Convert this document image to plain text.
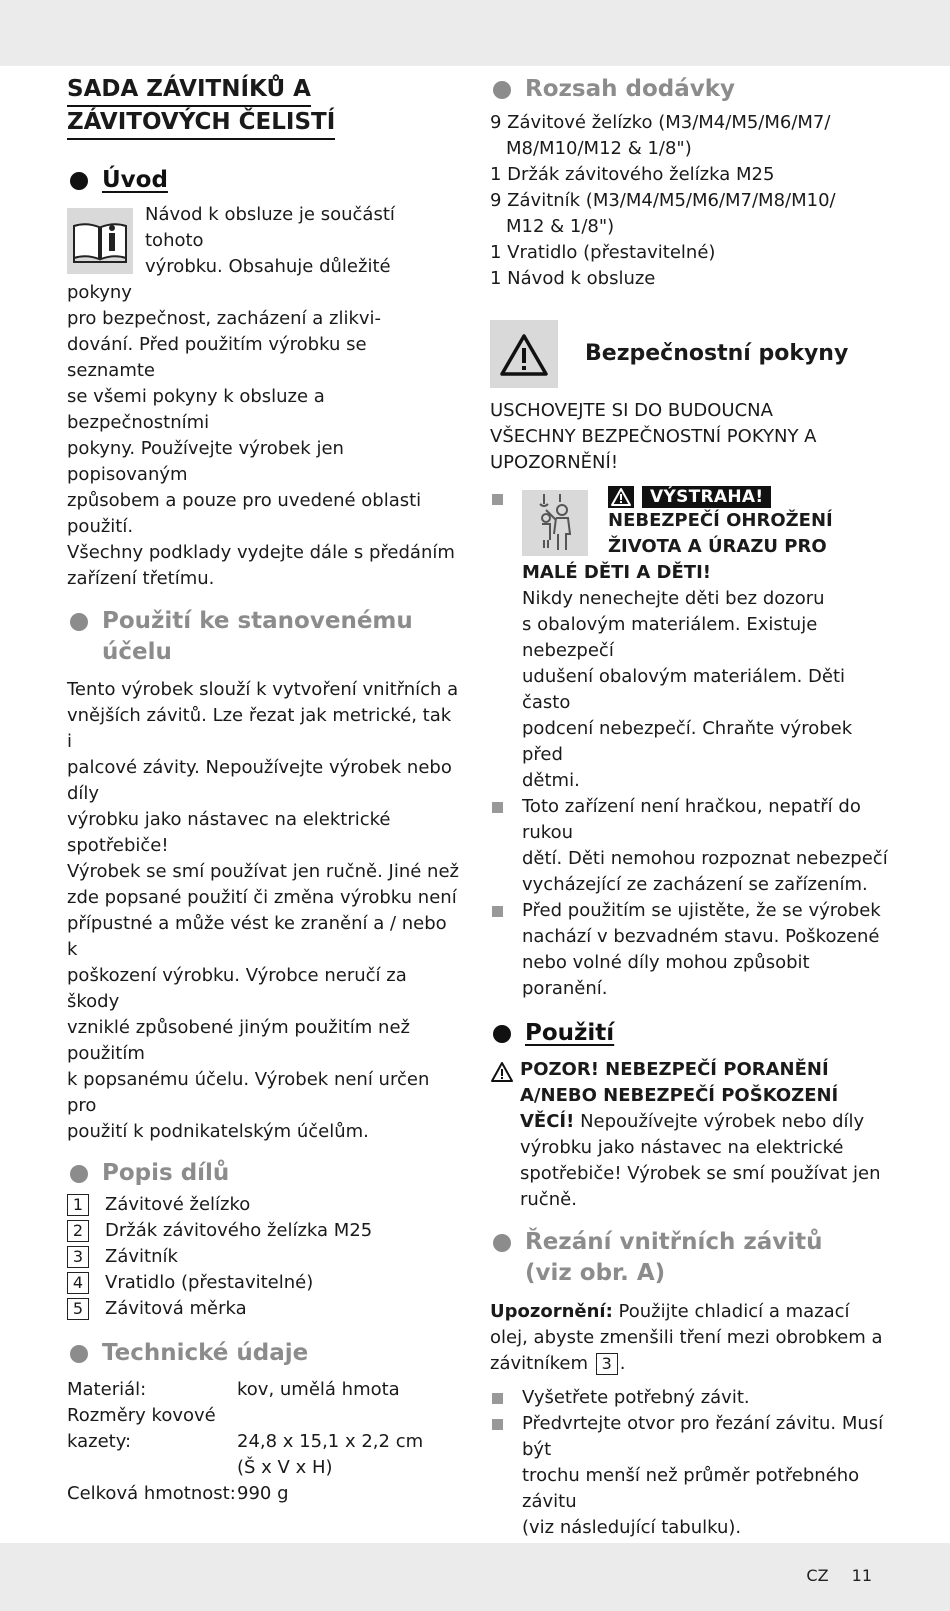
SADA ZÁVITNÍKŮ A
ZÁVITOVÝCH ČELISTÍ
Úvod
Návod k obsluze je součástí tohoto
výrobku. Obsahuje důležité pokyny
pro bezpečnost, zacházení a zlikvi-
dování. Před použitím výrobku se seznamte
se všemi pokyny k obsluze a bezpečnostními
pokyny. Používejte výrobek jen popisovaným
způsobem a pouze pro uvedené oblasti použití.
Všechny podklady vydejte dále s předáním
zařízení třetímu.
Použití ke stanovenému
účelu
Tento výrobek slouží k vytvoření vnitřních a
vnějších závitů. Lze řezat jak metrické, tak i
palcové závity. Nepoužívejte výrobek nebo díly
výrobku jako nástavec na elektrické spotřebiče!
Výrobek se smí používat jen ručně. Jiné než
zde popsané použití či změna výrobku není
přípustné a může vést ke zranění a / nebo k
poškození výrobku. Výrobce neručí za škody
vzniklé způsobené jiným použitím než použitím
k popsanému účelu. Výrobek není určen pro
použití k podnikatelským účelům.
Popis dílů
1	Závitové želízko
2	Držák závitového želízka M25
3	Závitník
4	Vratidlo (přestavitelné)
5	Závitová měrka
Technické údaje
Materiál:	kov, umělá hmota
Rozměry kovové
kazety:	24,8 x 15,1 x 2,2 cm
(Š x V x H)
Celková hmotnost:	990 g
Rozsah dodávky
9 Závitové želízko (M3/M4/M5/M6/M7/
M8/M10/M12 & 1/8")
1 Držák závitového želízka M25
9 Závitník (M3/M4/M5/M6/M7/M8/M10/
M12 & 1/8")
1 Vratidlo (přestavitelné)
1 Návod k obsluze
Bezpečnostní pokyny
USCHOVEJTE SI DO BUDOUCNA
VŠECHNY BEZPEČNOSTNÍ POKYNY A
UPOZORNĚNÍ!
VÝSTRAHA!
NEBEZPEČÍ OHROŽENÍ
ŽIVOTA A ÚRAZU PRO
MALÉ DĚTI A DĚTI!
Nikdy nenechejte děti bez dozoru
s obalovým materiálem. Existuje nebezpečí
udušení obalovým materiálem. Děti často
podcení nebezpečí. Chraňte výrobek před
dětmi.
Toto zařízení není hračkou, nepatří do rukou
dětí. Děti nemohou rozpoznat nebezpečí
vycházející ze zacházení se zařízením.
Před použitím se ujistěte, že se výrobek
nachází v bezvadném stavu. Poškozené
nebo volné díly mohou způsobit poranění.
Použití
POZOR! NEBEZPEČÍ PORANĚNÍ
A/NEBO NEBEZPEČÍ POŠKOZENÍ
VĚCÍ! Nepoužívejte výrobek nebo díly
výrobku jako nástavec na elektrické
spotřebiče! Výrobek se smí používat jen
ručně.
Řezání vnitřních závitů
(viz obr. A)
Upozornění: Použijte chladicí a mazací
olej, abyste zmenšili tření mezi obrobkem a
závitníkem 3 .
Vyšetřete potřebný závit.
Předvrtejte otvor pro řezání závitu. Musí být
trochu menší než průměr potřebného závitu
(viz následující tabulku).
CZ 11
